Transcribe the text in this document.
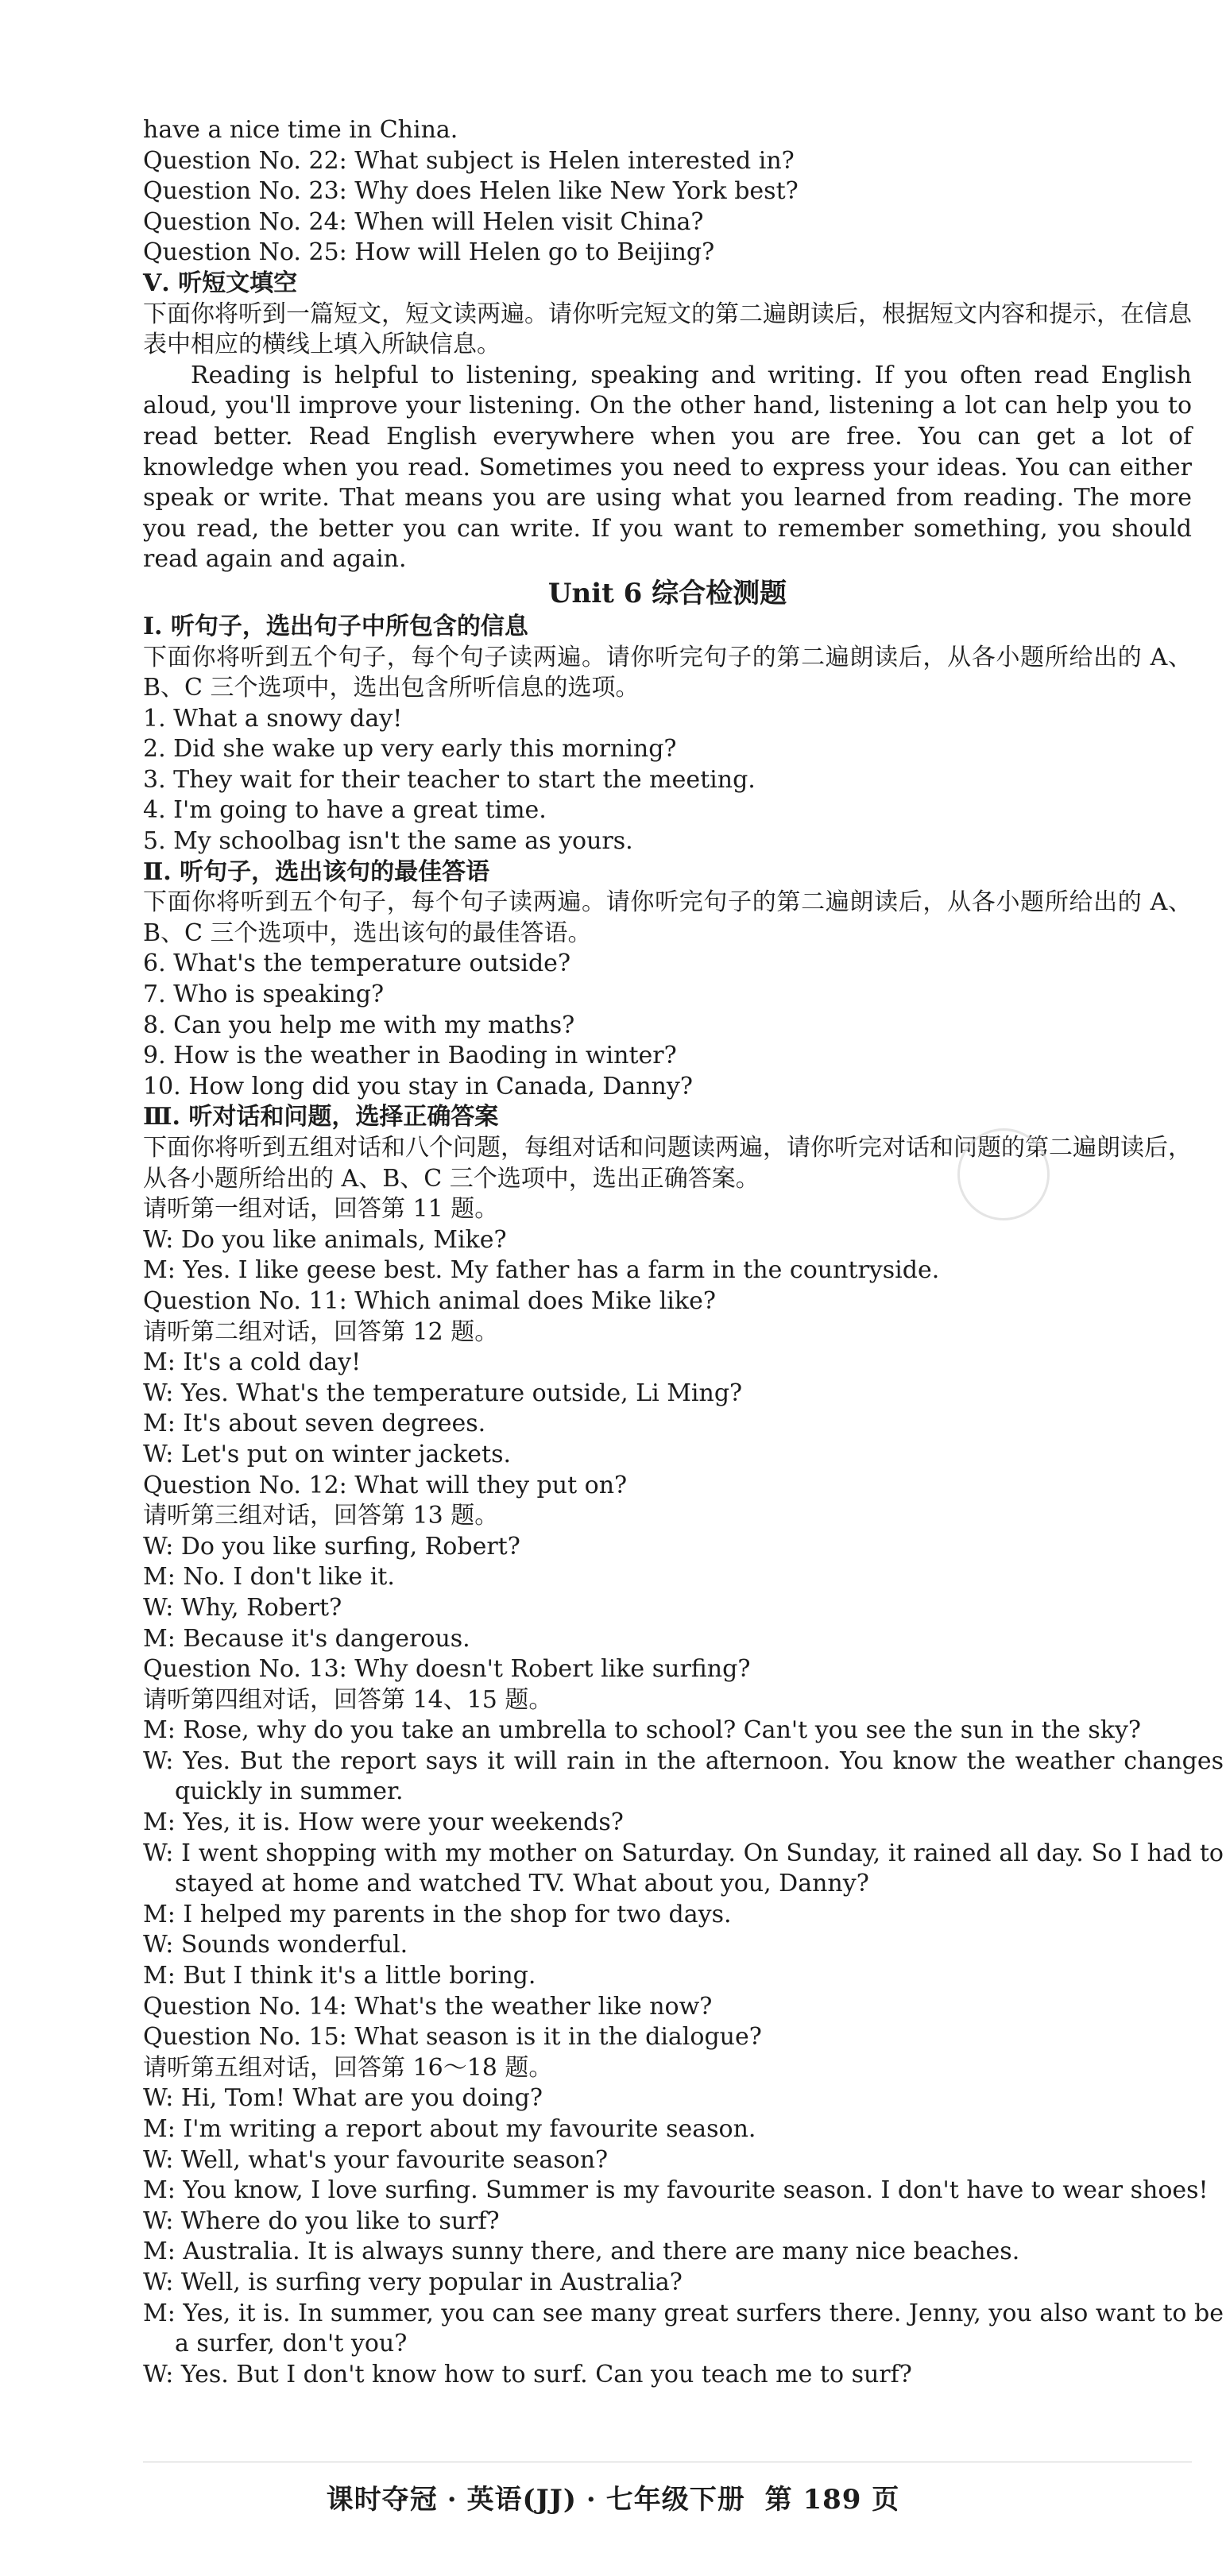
have a nice time in China.
Question No. 22: What subject is Helen interested in?
Question No. 23: Why does Helen like New York best?
Question No. 24: When will Helen visit China?
Question No. 25: How will Helen go to Beijing?
Ⅴ. 听短文填空
下面你将听到一篇短文，短文读两遍。请你听完短文的第二遍朗读后，根据短文内容和提示，在信息表中相应的横线上填入所缺信息。
Reading is helpful to listening, speaking and writing. If you often read English aloud, you'll improve your listening. On the other hand, listening a lot can help you to read better. Read English everywhere when you are free. You can get a lot of knowledge when you read. Sometimes you need to express your ideas. You can either speak or write. That means you are using what you learned from reading. The more you read, the better you can write. If you want to remember something, you should read again and again.
Unit 6 综合检测题
Ⅰ. 听句子，选出句子中所包含的信息
下面你将听到五个句子，每个句子读两遍。请你听完句子的第二遍朗读后，从各小题所给出的 A、B、C 三个选项中，选出包含所听信息的选项。
1. What a snowy day!
2. Did she wake up very early this morning?
3. They wait for their teacher to start the meeting.
4. I'm going to have a great time.
5. My schoolbag isn't the same as yours.
Ⅱ. 听句子，选出该句的最佳答语
下面你将听到五个句子，每个句子读两遍。请你听完句子的第二遍朗读后，从各小题所给出的 A、B、C 三个选项中，选出该句的最佳答语。
6. What's the temperature outside?
7. Who is speaking?
8. Can you help me with my maths?
9. How is the weather in Baoding in winter?
10. How long did you stay in Canada, Danny?
Ⅲ. 听对话和问题，选择正确答案
下面你将听到五组对话和八个问题，每组对话和问题读两遍，请你听完对话和问题的第二遍朗读后，从各小题所给出的 A、B、C 三个选项中，选出正确答案。
请听第一组对话，回答第 11 题。
W: Do you like animals, Mike?
M: Yes. I like geese best. My father has a farm in the countryside.
Question No. 11: Which animal does Mike like?
请听第二组对话，回答第 12 题。
M: It's a cold day!
W: Yes. What's the temperature outside, Li Ming?
M: It's about seven degrees.
W: Let's put on winter jackets.
Question No. 12: What will they put on?
请听第三组对话，回答第 13 题。
W: Do you like surfing, Robert?
M: No. I don't like it.
W: Why, Robert?
M: Because it's dangerous.
Question No. 13: Why doesn't Robert like surfing?
请听第四组对话，回答第 14、15 题。
M: Rose, why do you take an umbrella to school? Can't you see the sun in the sky?
W: Yes. But the report says it will rain in the afternoon. You know the weather changes quickly in summer.
M: Yes, it is. How were your weekends?
W: I went shopping with my mother on Saturday. On Sunday, it rained all day. So I had to stayed at home and watched TV. What about you, Danny?
M: I helped my parents in the shop for two days.
W: Sounds wonderful.
M: But I think it's a little boring.
Question No. 14: What's the weather like now?
Question No. 15: What season is it in the dialogue?
请听第五组对话，回答第 16～18 题。
W: Hi, Tom! What are you doing?
M: I'm writing a report about my favourite season.
W: Well, what's your favourite season?
M: You know, I love surfing. Summer is my favourite season. I don't have to wear shoes!
W: Where do you like to surf?
M: Australia. It is always sunny there, and there are many nice beaches.
W: Well, is surfing very popular in Australia?
M: Yes, it is. In summer, you can see many great surfers there. Jenny, you also want to be a surfer, don't you?
W: Yes. But I don't know how to surf. Can you teach me to surf?
课时夺冠 · 英语(JJ) · 七年级下册 第 189 页
